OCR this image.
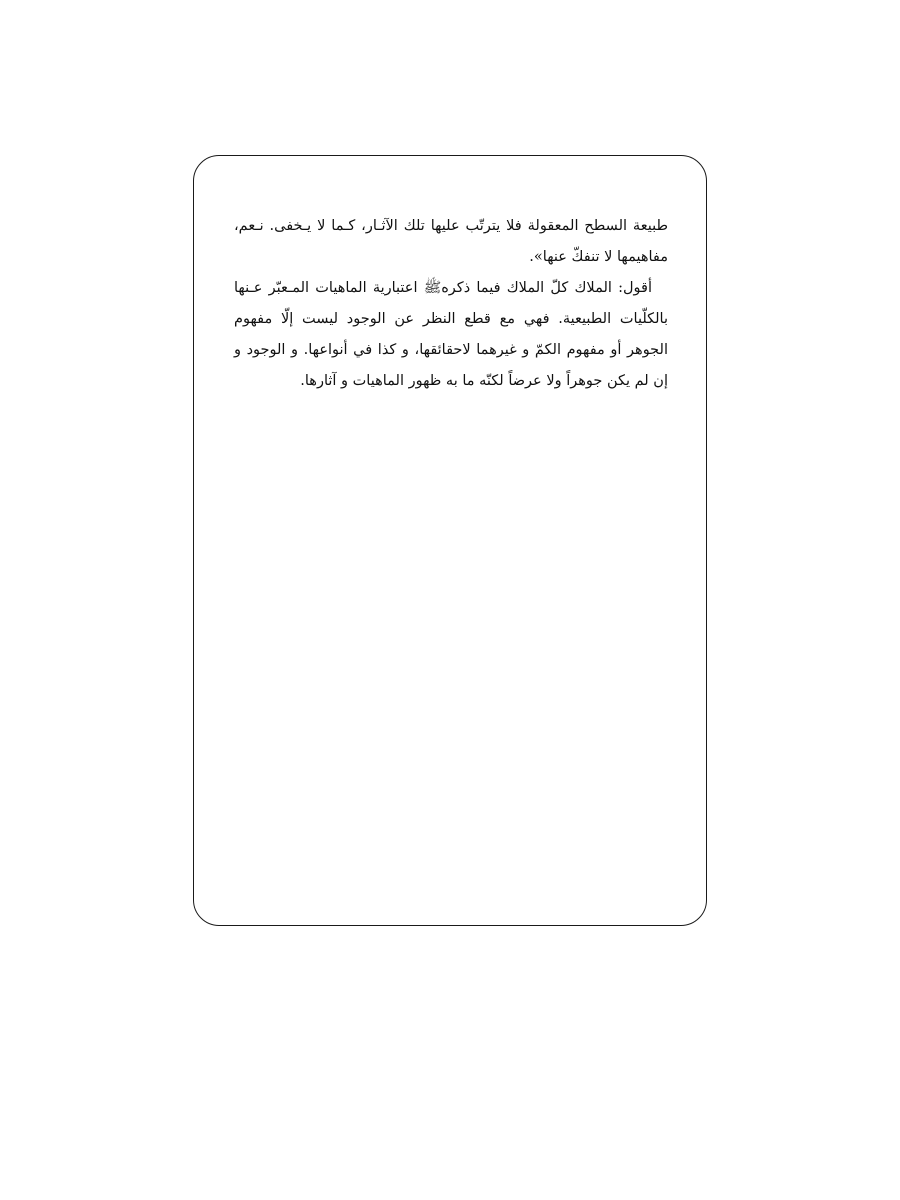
طبيعة السطح المعقولة فلا يترتّب عليها تلك الآثـار، كـما لا يـخفى. نـعم، مفاهيمها لا تنفكّ عنها».

أقول: الملاك كلّ الملاك فيما ذكره‌ﷺ اعتبارية الماهيات المـعبّر عـنها بالكلّيات الطبيعية. فهي مع قطع النظر عن الوجود ليست إلّا مفهوم الجوهر أو مفهوم الكمّ و غيرهما لاحقائقها، و كذا في أنواعها. و الوجود و إن لم يكن جوهراً ولا عرضاً لكنّه ما به ظهور الماهيات و آثارها.
